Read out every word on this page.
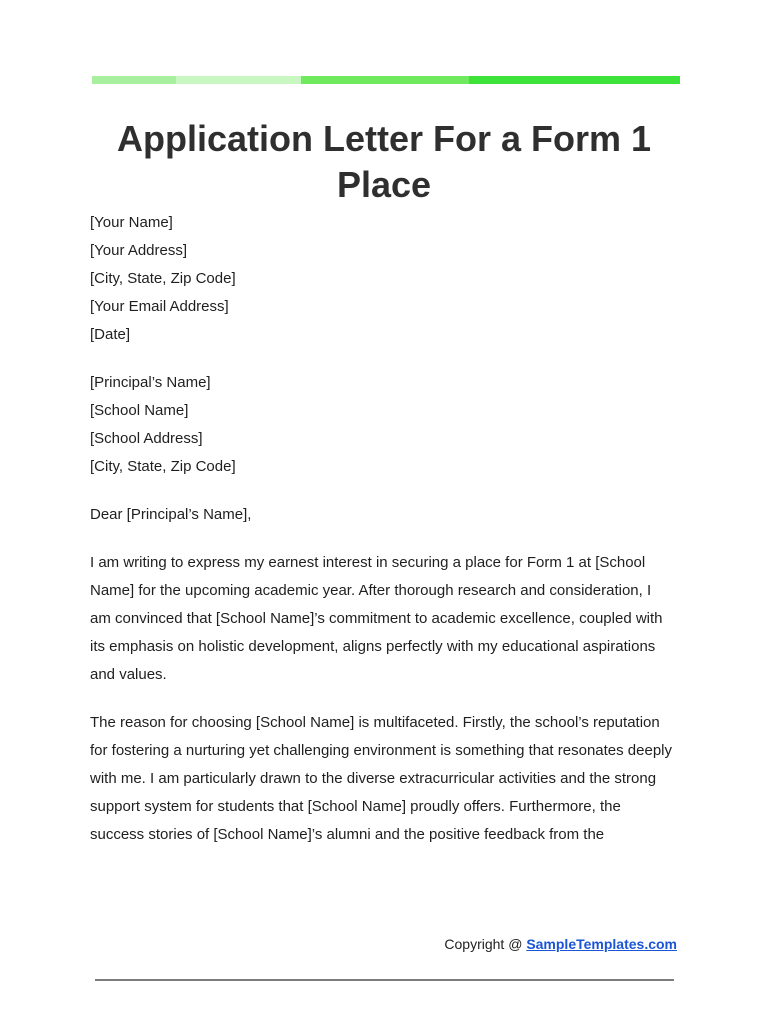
Application Letter For a Form 1 Place
[Your Name]
[Your Address]
[City, State, Zip Code]
[Your Email Address]
[Date]
[Principal’s Name]
[School Name]
[School Address]
[City, State, Zip Code]

Dear [Principal’s Name],

I am writing to express my earnest interest in securing a place for Form 1 at [School
Name] for the upcoming academic year. After thorough research and consideration, I
am convinced that [School Name]’s commitment to academic excellence, coupled with
its emphasis on holistic development, aligns perfectly with my educational aspirations
and values.

The reason for choosing [School Name] is multifaceted. Firstly, the school’s reputation
for fostering a nurturing yet challenging environment is something that resonates deeply
with me. I am particularly drawn to the diverse extracurricular activities and the strong
support system for students that [School Name] proudly offers. Furthermore, the
success stories of [School Name]’s alumni and the positive feedback from the

Copyright @ SampleTemplates.com
